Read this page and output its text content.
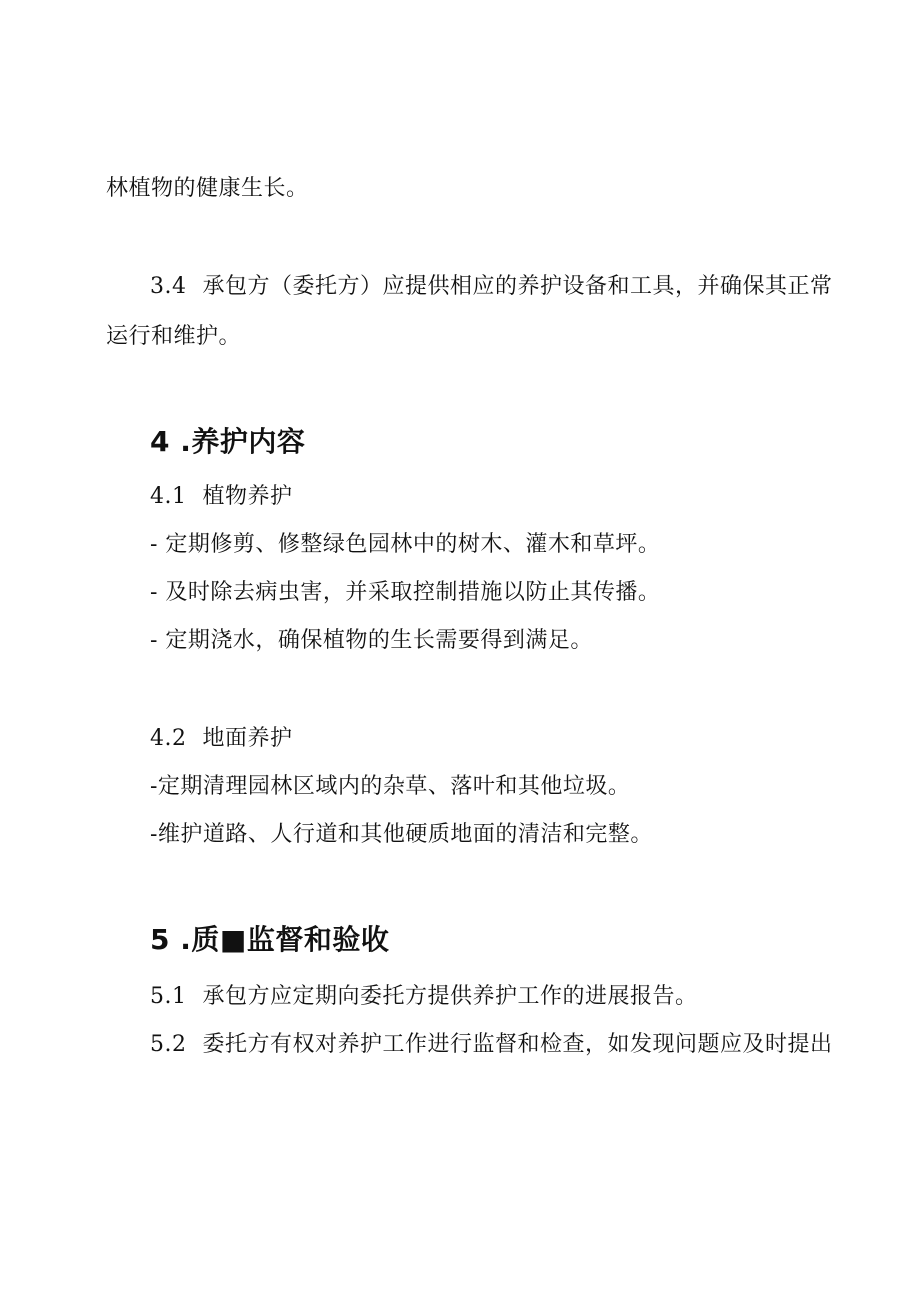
林植物的健康生长。

3.4 承包方（委托方）应提供相应的养护设备和工具，并确保其正常

运行和维护。

4 .养护内容

4.1 植物养护

- 定期修剪、修整绿色园林中的树木、灌木和草坪。

- 及时除去病虫害，并采取控制措施以防止其传播。

- 定期浇水，确保植物的生长需要得到满足。

4.2 地面养护

-定期清理园林区域内的杂草、落叶和其他垃圾。

-维护道路、人行道和其他硬质地面的清洁和完整。

5 .质■监督和验收

5.1 承包方应定期向委托方提供养护工作的进展报告。

5.2 委托方有权对养护工作进行监督和检查，如发现问题应及时提出
